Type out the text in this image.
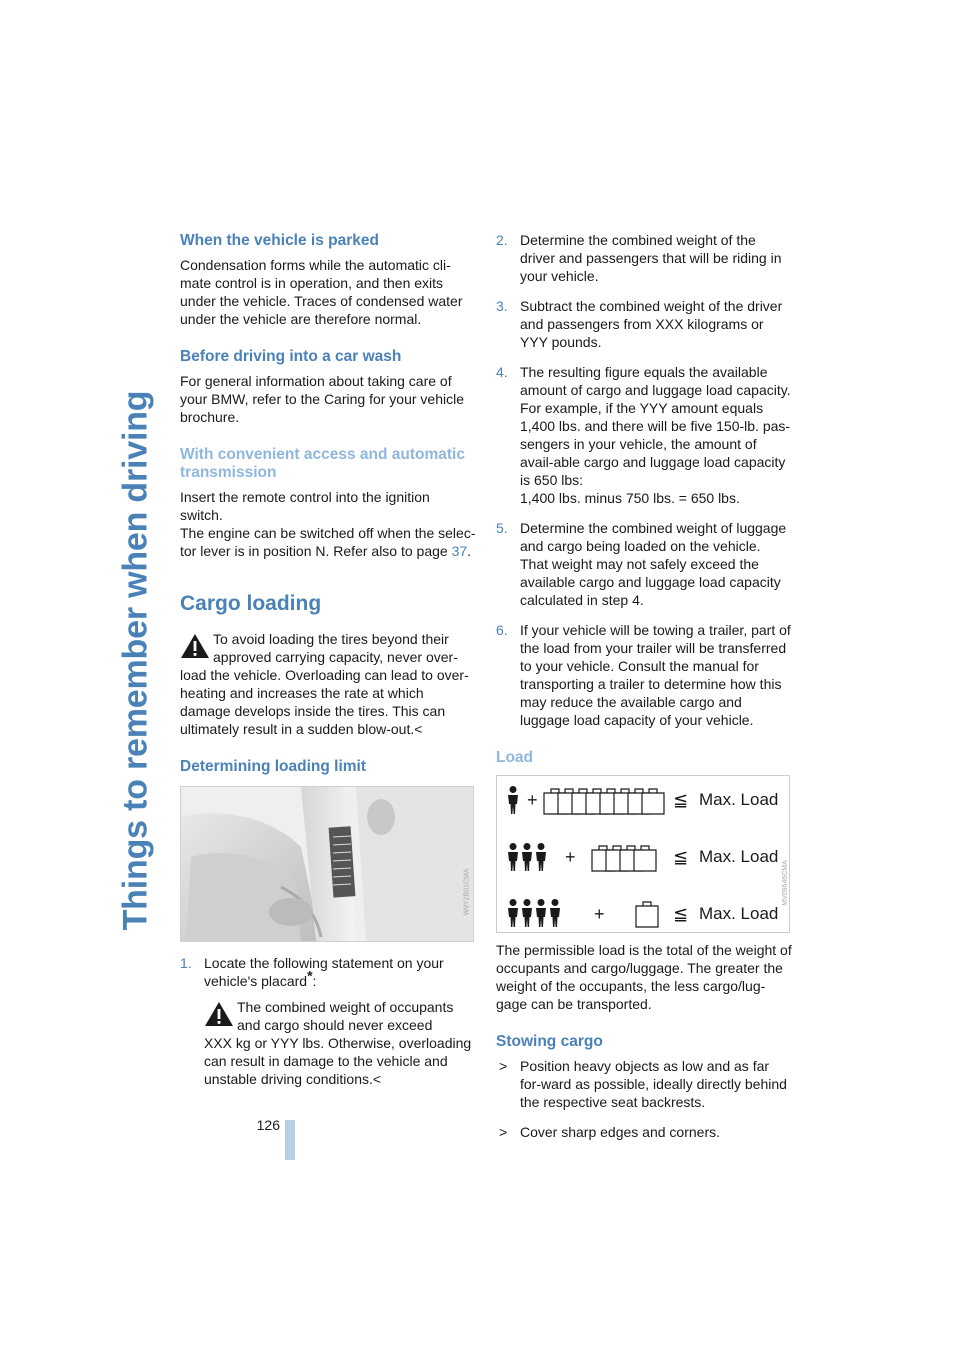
Things to remember when driving
When the vehicle is parked

Condensation forms while the automatic cli-mate control is in operation, and then exits under the vehicle. Traces of condensed water under the vehicle are therefore normal.

Before driving into a car wash

For general information about taking care of your BMW, refer to the Caring for your vehicle brochure.

With convenient access and automatic transmission

Insert the remote control into the ignition switch.

The engine can be switched off when the selec-tor lever is in position N. Refer also to page 37.

Cargo loading

To avoid loading the tires beyond their approved carrying capacity, never over-

load the vehicle. Overloading can lead to over-heating and increases the rate at which damage develops inside the tires. This can ultimately result in a sudden blow-out.<

Determining loading limit
W9Y2B01CMA
1. Locate the following statement on your vehicle's placard*:

The combined weight of occupants and cargo should never exceed

XXX kg or YYY lbs. Otherwise, overloading can result in damage to the vehicle and unstable driving conditions.<

2. Determine the combined weight of the driver and passengers that will be riding in your vehicle.
3. Subtract the combined weight of the driver and passengers from XXX kilograms or YYY pounds.
4. The resulting figure equals the available amount of cargo and luggage load capacity. For example, if the YYY amount equals 1,400 lbs. and there will be five 150-lb. pas-sengers in your vehicle, the amount of avail-able cargo and luggage load capacity is 650 lbs:
1,400 lbs. minus 750 lbs. = 650 lbs.
5. Determine the combined weight of luggage and cargo being loaded on the vehicle. That weight may not safely exceed the available cargo and luggage load capacity calculated in step 4.
6. If your vehicle will be towing a trailer, part of the load from your trailer will be transferred to your vehicle. Consult the manual for transporting a trailer to determine how this may reduce the available cargo and luggage load capacity of your vehicle.
Load
+
+
+
≦
≦
≦
Max. Load
Max. Load
Max. Load
MV09646CMA

The permissible load is the total of the weight of occupants and cargo/luggage. The greater the weight of the occupants, the less cargo/lug-gage can be transported.

Stowing cargo
> Position heavy objects as low and as far for-ward as possible, ideally directly behind the respective seat backrests.
> Cover sharp edges and corners.
126
